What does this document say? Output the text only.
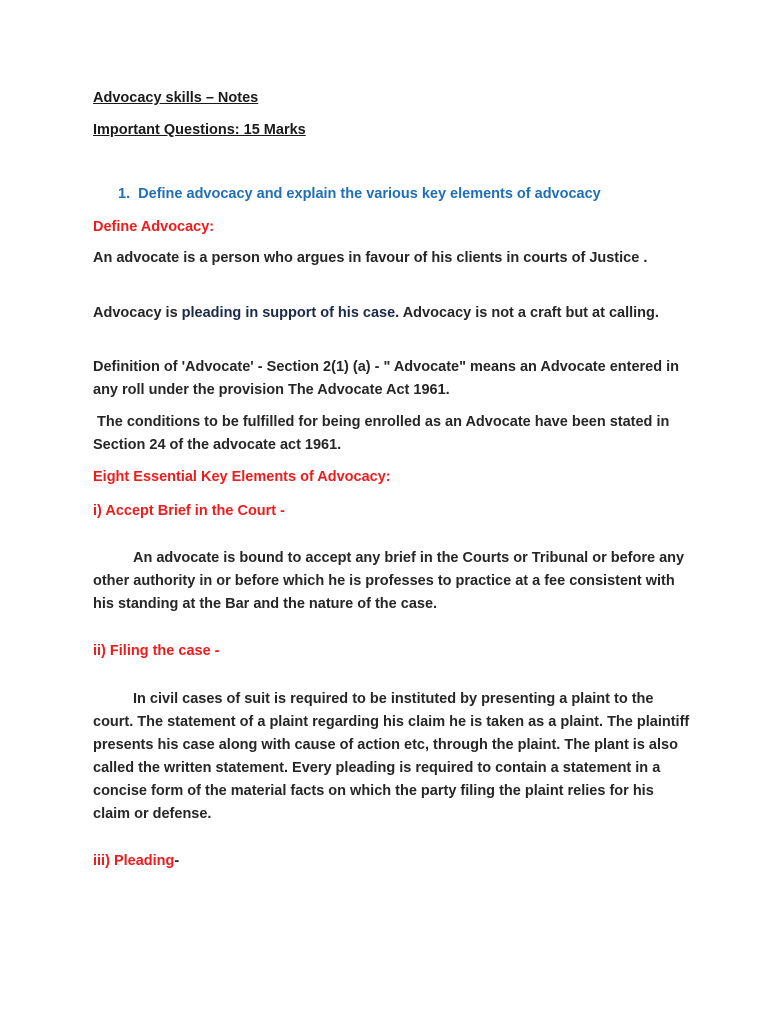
Advocacy skills – Notes

Important Questions: 15 Marks

1. Define advocacy and explain the various key elements of advocacy

Define Advocacy:

An advocate is a person who argues in favour of his clients in courts of Justice .

Advocacy is pleading in support of his case. Advocacy is not a craft but at calling.

Definition of 'Advocate' - Section 2(1) (a) - " Advocate" means an Advocate entered in any roll under the provision The Advocate Act 1961.

The conditions to be fulfilled for being enrolled as an Advocate have been stated in Section 24 of the advocate act 1961.

Eight Essential Key Elements of Advocacy:

i) Accept Brief in the Court -

An advocate is bound to accept any brief in the Courts or Tribunal or before any other authority in or before which he is professes to practice at a fee consistent with his standing at the Bar and the nature of the case.

ii) Filing the case -

In civil cases of suit is required to be instituted by presenting a plaint to the court. The statement of a plaint regarding his claim he is taken as a plaint. The plaintiff presents his case along with cause of action etc, through the plaint. The plant is also called the written statement. Every pleading is required to contain a statement in a concise form of the material facts on which the party filing the plaint relies for his claim or defense.

iii) Pleading-
